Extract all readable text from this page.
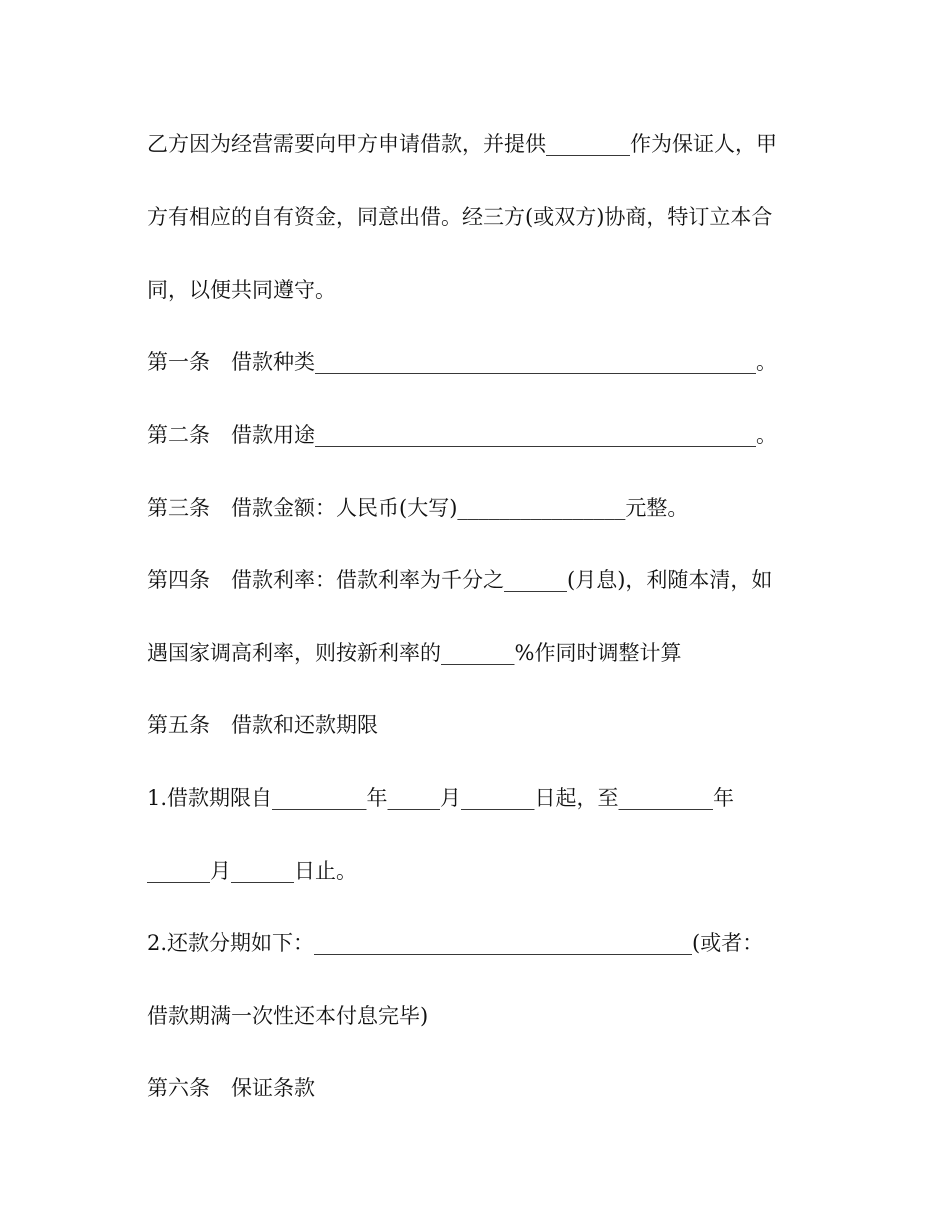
乙方因为经营需要向甲方申请借款，并提供________作为保证人，甲
方有相应的自有资金，同意出借。经三方(或双方)协商，特订立本合
同，以便共同遵守。
第一条　借款种类__________________________________________。
第二条　借款用途__________________________________________。
第三条　借款金额：人民币(大写)________________元整。
第四条　借款利率：借款利率为千分之______(月息)，利随本清，如
遇国家调高利率，则按新利率的_______%作同时调整计算
第五条　借款和还款期限
1.借款期限自_________年_____月_______日起，至_________年
______月______日止。
2.还款分期如下：____________________________________(或者：
借款期满一次性还本付息完毕)
第六条　保证条款
